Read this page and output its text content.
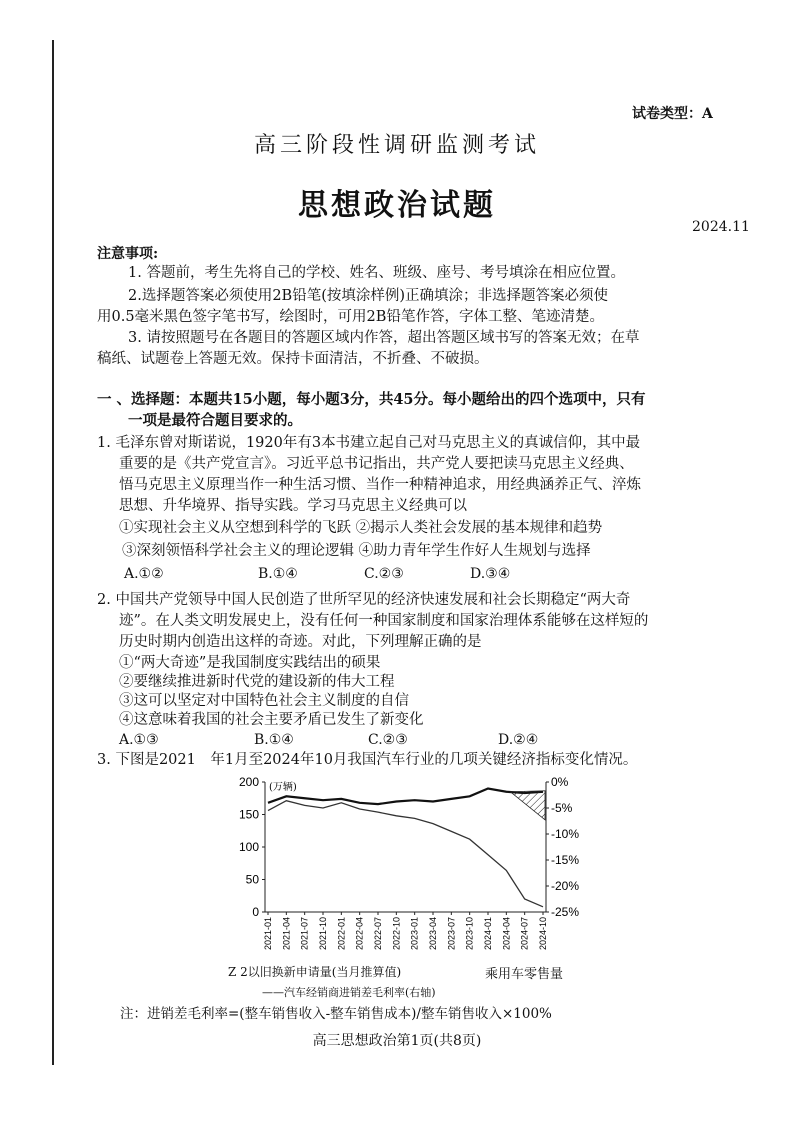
试卷类型：A
高三阶段性调研监测考试
思想政治试题
2024.11
注意事项:
1. 答题前，考生先将自己的学校、姓名、班级、座号、考号填涂在相应位置。
2.选择题答案必须使用2B铅笔(按填涂样例)正确填涂；非选择题答案必须使
用0.5毫米黑色签字笔书写，绘图时，可用2B铅笔作答，字体工整、笔迹清楚。
3. 请按照题号在各题目的答题区域内作答，超出答题区域书写的答案无效；在草
稿纸、试题卷上答题无效。保持卡面清洁，不折叠、不破损。
一 、选择题：本题共15小题，每小题3分，共45分。每小题给出的四个选项中，只有
一项是最符合题目要求的。
1. 毛泽东曾对斯诺说，1920年有3本书建立起自己对马克思主义的真诚信仰，其中最
重要的是《共产党宣言》。习近平总书记指出，共产党人要把读马克思主义经典、
悟马克思主义原理当作一种生活习惯、当作一种精神追求，用经典涵养正气、淬炼
思想、升华境界、指导实践。学习马克思主义经典可以
①实现社会主义从空想到科学的飞跃 ②揭示人类社会发展的基本规律和趋势
③深刻领悟科学社会主义的理论逻辑 ④助力青年学生作好人生规划与选择
A.①②	B.①④	C.②③	D.③④
2. 中国共产党领导中国人民创造了世所罕见的经济快速发展和社会长期稳定“两大奇
迹”。在人类文明发展史上，没有任何一种国家制度和国家治理体系能够在这样短的
历史时期内创造出这样的奇迹。对此，下列理解正确的是
①“两大奇迹”是我国制度实践结出的硕果
②要继续推进新时代党的建设新的伟大工程
③这可以坚定对中国特色社会主义制度的自信
④这意味着我国的社会主要矛盾已发生了新变化
A.①③	B.①④	C.②③	D.②④
3. 下图是2021　年1月至2024年10月我国汽车行业的几项关键经济指标变化情况。
200
150
100
50
0
0%
-5%
-10%
-15%
-20%
-25%
(万辆)
2021-01 2021-04 2021-07 2021-10 2022-01 2022-04 2022-07 2022-10 2023-01 2023-04 2023-07 2023-10 2024-01 2024-04 2024-07 2024-10
Z 2以旧换新申请量(当月推算值)	乘用车零售量
——汽车经销商进销差毛利率(右轴)
注：进销差毛利率=(整车销售收入-整车销售成本)/整车销售收入×100%
高三思想政治第1页(共8页)
